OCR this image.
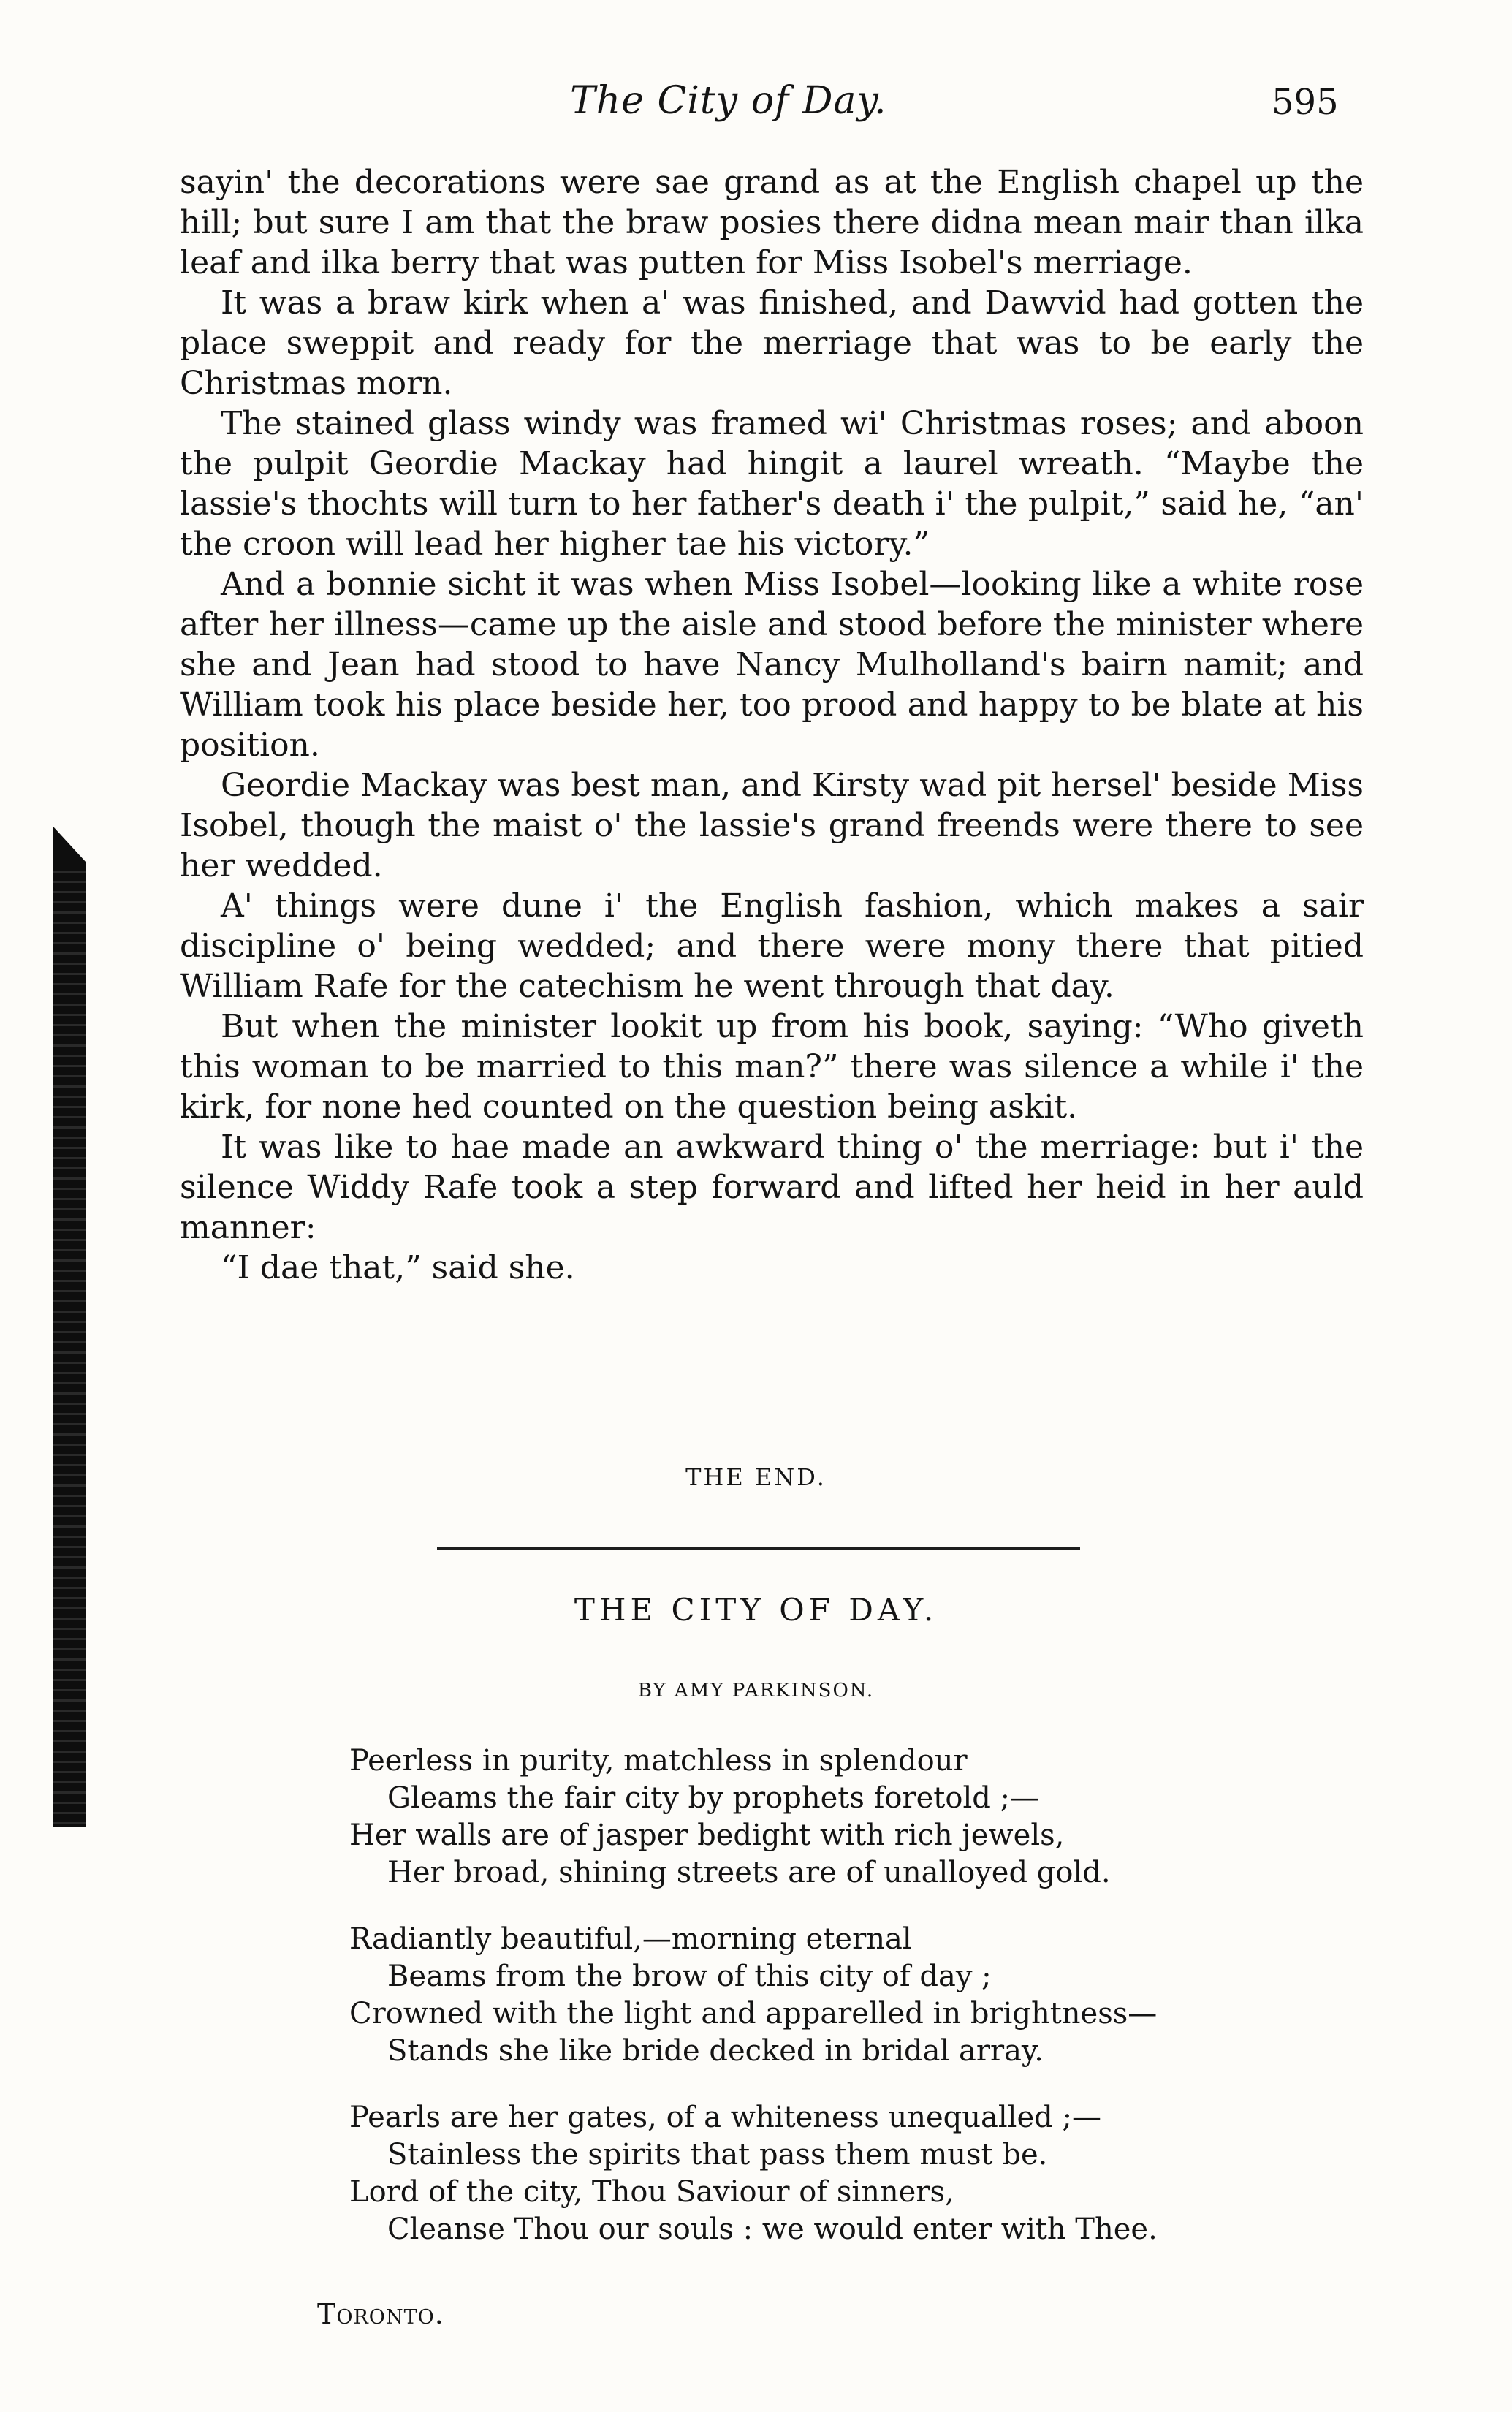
The City of Day.	595

sayin' the decorations were sae grand as at the English chapel up the hill; but sure I am that the braw posies there didna mean mair than ilka leaf and ilka berry that was putten for Miss Isobel's merriage.

It was a braw kirk when a' was finished, and Dawvid had gotten the place sweppit and ready for the merriage that was to be early the Christmas morn.

The stained glass windy was framed wi' Christmas roses; and aboon the pulpit Geordie Mackay had hingit a laurel wreath. “Maybe the lassie's thochts will turn to her father's death i' the pulpit,” said he, “an' the croon will lead her higher tae his victory.”

And a bonnie sicht it was when Miss Isobel—looking like a white rose after her illness—came up the aisle and stood before the minister where she and Jean had stood to have Nancy Mulholland's bairn namit; and William took his place beside her, too prood and happy to be blate at his position.

Geordie Mackay was best man, and Kirsty wad pit hersel' beside Miss Isobel, though the maist o' the lassie's grand freends were there to see her wedded.

A' things were dune i' the English fashion, which makes a sair discipline o' being wedded; and there were mony there that pitied William Rafe for the catechism he went through that day.

But when the minister lookit up from his book, saying: “Who giveth this woman to be married to this man?” there was silence a while i' the kirk, for none hed counted on the question being askit.

It was like to hae made an awkward thing o' the merriage: but i' the silence Widdy Rafe took a step forward and lifted her heid in her auld manner:

“I dae that,” said she.

THE END.
THE CITY OF DAY.
BY AMY PARKINSON.
Peerless in purity, matchless in splendour
Gleams the fair city by prophets foretold ;—
Her walls are of jasper bedight with rich jewels,
Her broad, shining streets are of unalloyed gold.
Radiantly beautiful,—morning eternal
Beams from the brow of this city of day ;
Crowned with the light and apparelled in brightness—
Stands she like bride decked in bridal array.
Pearls are her gates, of a whiteness unequalled ;—
Stainless the spirits that pass them must be.
Lord of the city, Thou Saviour of sinners,
Cleanse Thou our souls : we would enter with Thee.
Toronto.
